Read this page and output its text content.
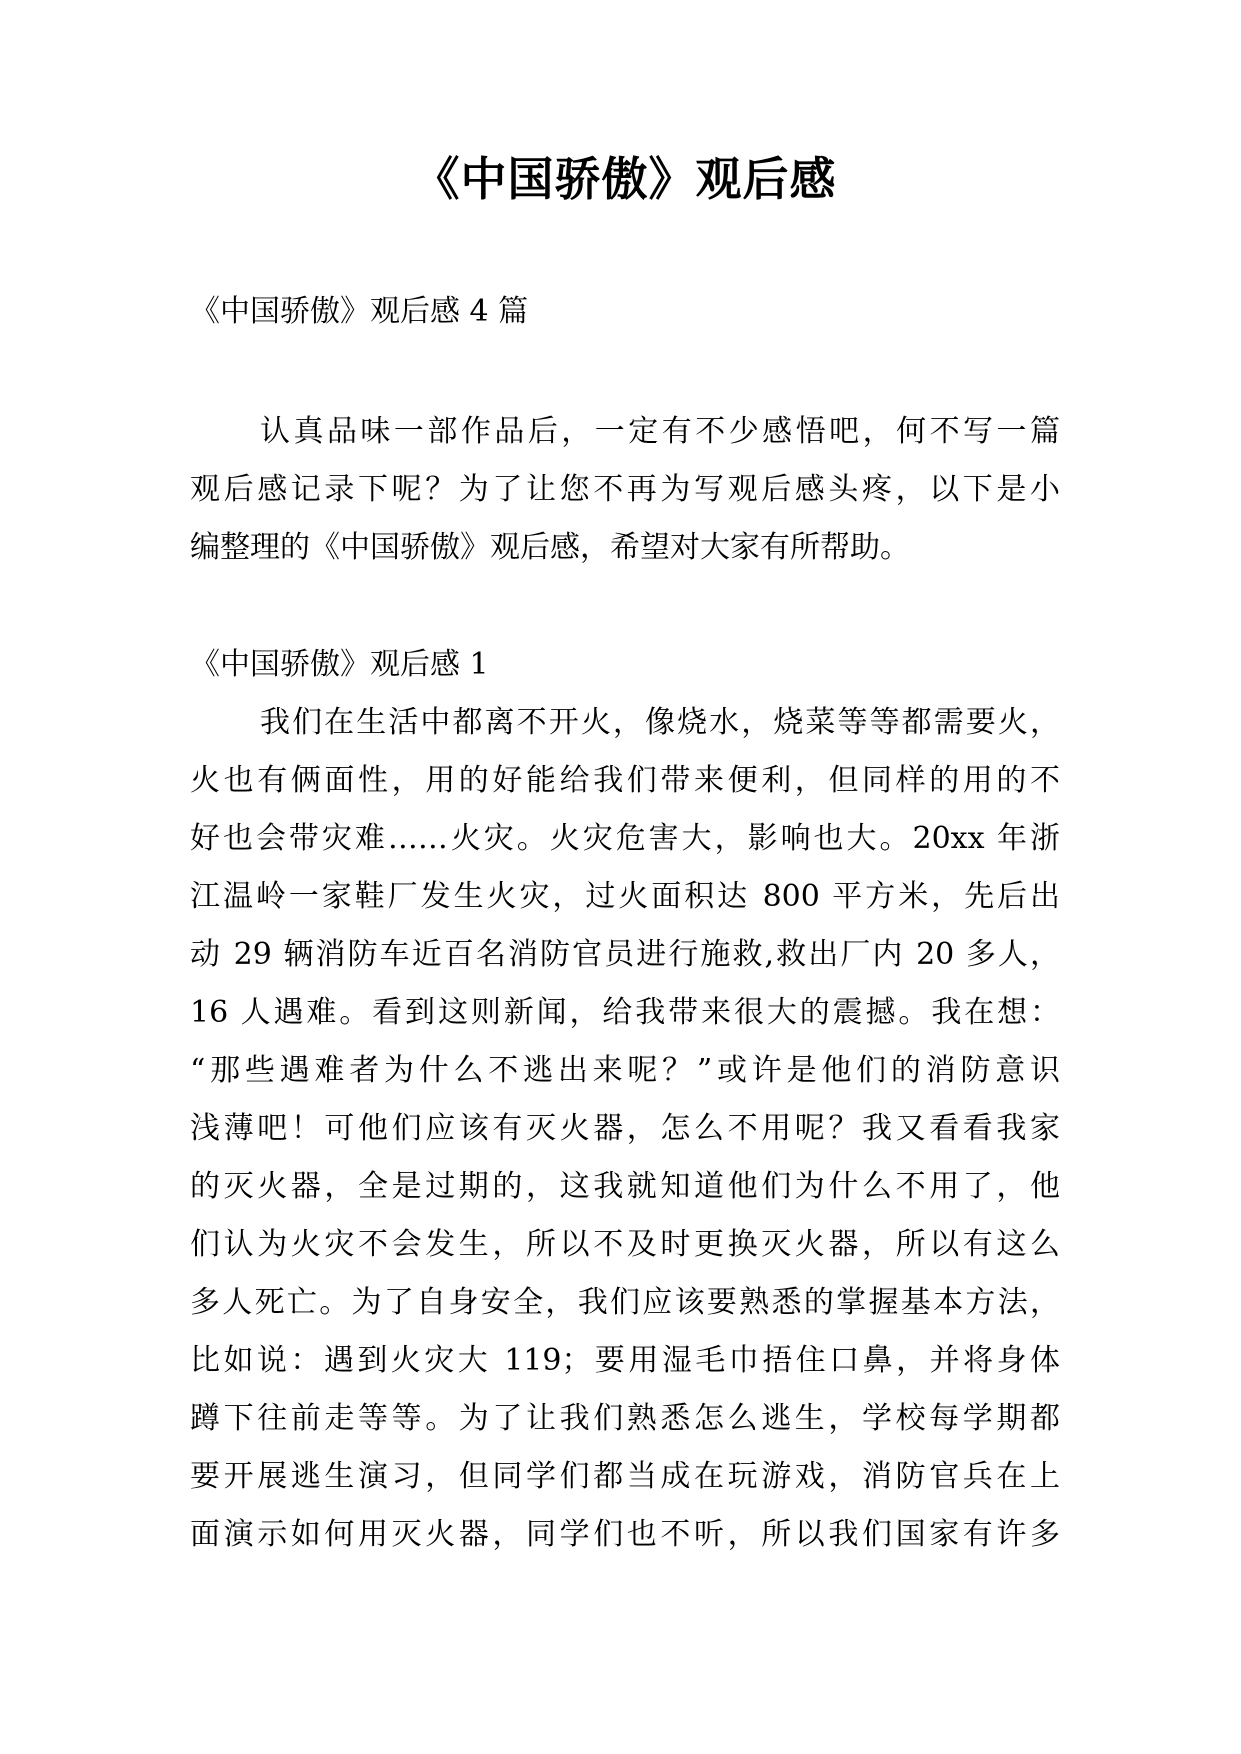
《中国骄傲》观后感
《中国骄傲》观后感 4 篇
认真品味一部作品后，一定有不少感悟吧，何不写一篇
观后感记录下呢？为了让您不再为写观后感头疼，以下是小
编整理的《中国骄傲》观后感，希望对大家有所帮助。
《中国骄傲》观后感 1
我们在生活中都离不开火，像烧水，烧菜等等都需要火，
火也有俩面性，用的好能给我们带来便利，但同样的用的不
好也会带灾难……火灾。火灾危害大，影响也大。20xx 年浙
江温岭一家鞋厂发生火灾，过火面积达 800 平方米，先后出
动 29 辆消防车近百名消防官员进行施救,救出厂内 20 多人，
16 人遇难。看到这则新闻，给我带来很大的震撼。我在想：
“那些遇难者为什么不逃出来呢？”或许是他们的消防意识
浅薄吧！可他们应该有灭火器，怎么不用呢？我又看看我家
的灭火器，全是过期的，这我就知道他们为什么不用了，他
们认为火灾不会发生，所以不及时更换灭火器，所以有这么
多人死亡。为了自身安全，我们应该要熟悉的掌握基本方法，
比如说：遇到火灾大 119；要用湿毛巾捂住口鼻，并将身体
蹲下往前走等等。为了让我们熟悉怎么逃生，学校每学期都
要开展逃生演习，但同学们都当成在玩游戏，消防官兵在上
面演示如何用灭火器，同学们也不听，所以我们国家有许多
